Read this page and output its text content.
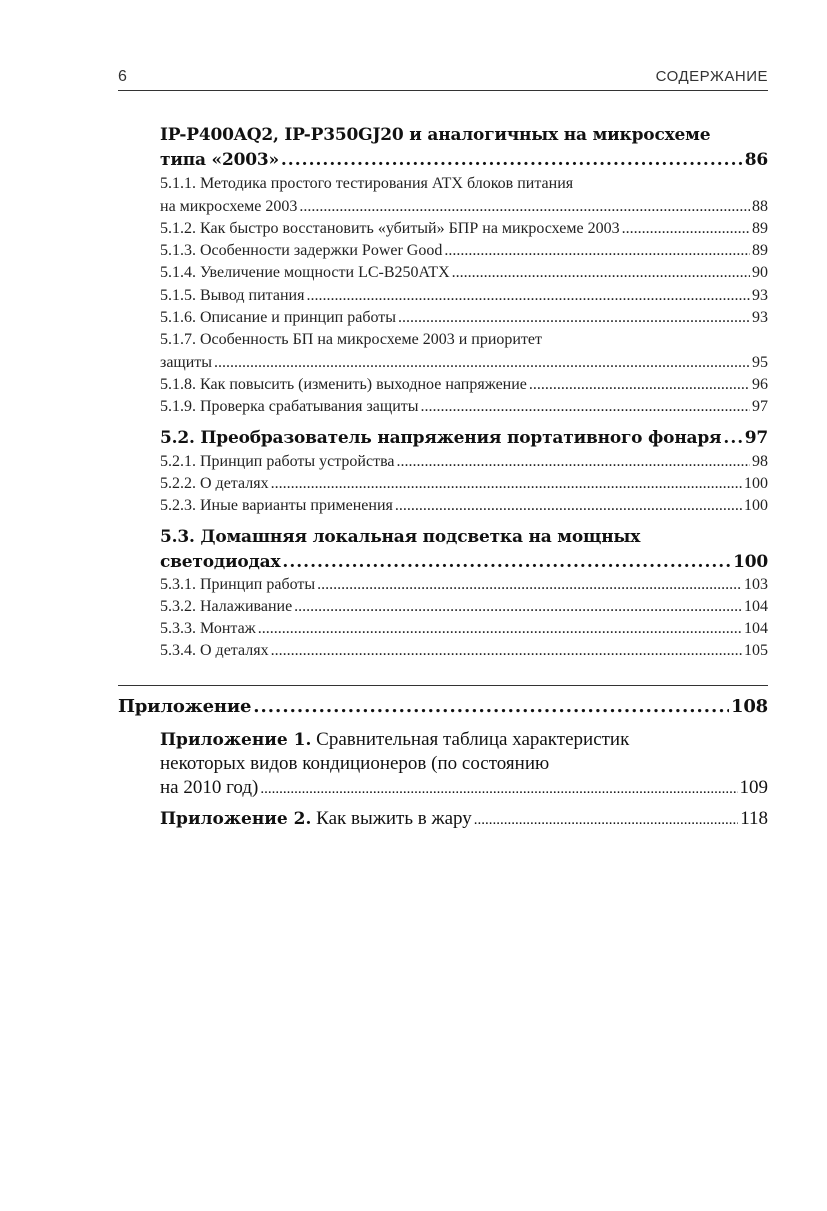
6	СОДЕРЖАНИЕ
IP-P400AQ2, IP-P350GJ20 и аналогичных на микросхеме
типа «2003» .....	86
5.1.1. Методика простого тестирования ATX блоков питания
на микросхеме 2003 .....	88
5.1.2. Как быстро восстановить «убитый» БПР на микросхеме 2003 .....	89
5.1.3. Особенности задержки Power Good .....	89
5.1.4. Увеличение мощности LC-B250ATX .....	90
5.1.5. Вывод питания .....	93
5.1.6. Описание и принцип работы .....	93
5.1.7. Особенность БП на микросхеме 2003 и приоритет
защиты .....	95
5.1.8. Как повысить (изменить) выходное напряжение .....	96
5.1.9. Проверка срабатывания защиты .....	97
5.2. Преобразователь напряжения портативного фонаря ..... 97
5.2.1. Принцип работы устройства .....	98
5.2.2. О деталях .....	100
5.2.3. Иные варианты применения .....	100
5.3. Домашняя локальная подсветка на мощных
светодиодах .....	100
5.3.1. Принцип работы .....	103
5.3.2. Налаживание .....	104
5.3.3. Монтаж .....	104
5.3.4. О деталях .....	105
Приложение .....	108
Приложение 1. Сравнительная таблица характеристик
некоторых видов кондиционеров (по состоянию
на 2010 год) .....	109
Приложение 2. Как выжить в жару .....	118
